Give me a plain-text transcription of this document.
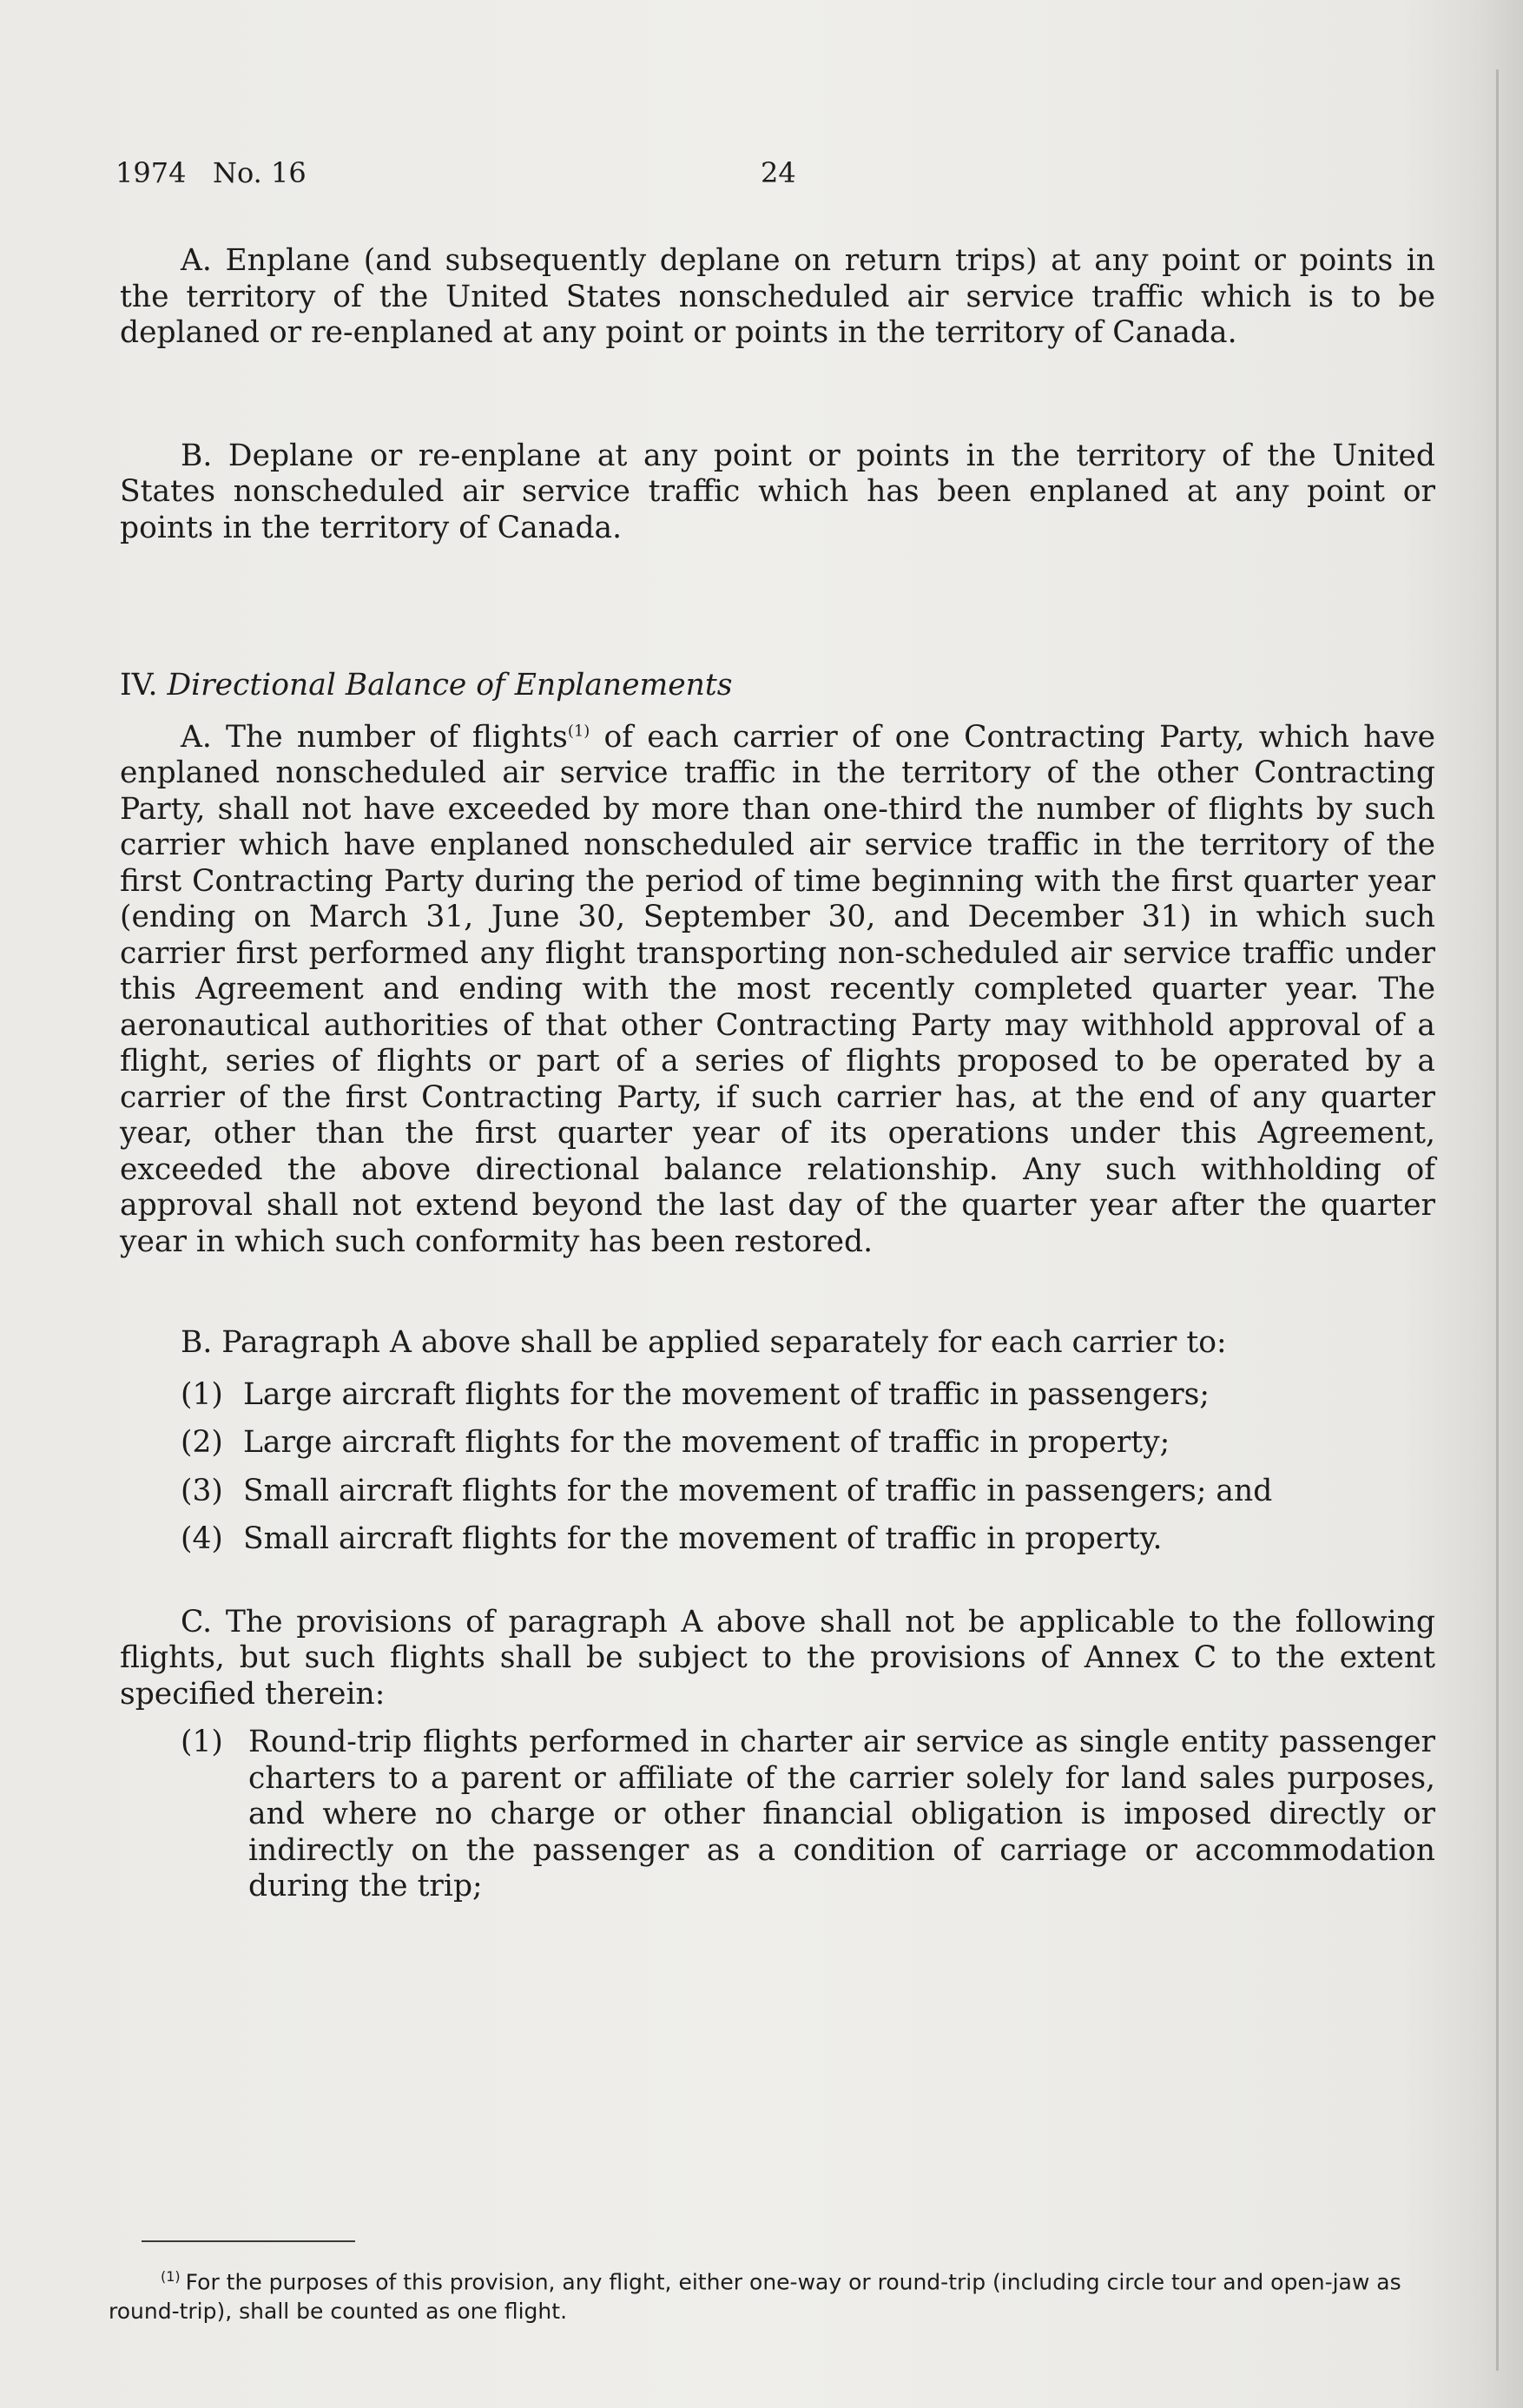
1974   No. 16	24

A. Enplane (and subsequently deplane on return trips) at any point or points in the territory of the United States nonscheduled air service traffic which is to be deplaned or re-enplaned at any point or points in the territory of Canada.

B. Deplane or re-enplane at any point or points in the territory of the United States nonscheduled air service traffic which has been enplaned at any point or points in the territory of Canada.

IV. Directional Balance of Enplanements

A. The number of flights$^{(1)}$ of each carrier of one Contracting Party, which have enplaned nonscheduled air service traffic in the territory of the other Contracting Party, shall not have exceeded by more than one-third the number of flights by such carrier which have enplaned nonscheduled air service traffic in the territory of the first Contracting Party during the period of time beginning with the first quarter year (ending on March 31, June 30, September 30, and December 31) in which such carrier first performed any flight transporting non-scheduled air service traffic under this Agreement and ending with the most recently completed quarter year. The aeronautical authorities of that other Contracting Party may withhold approval of a flight, series of flights or part of a series of flights proposed to be operated by a carrier of the first Contracting Party, if such carrier has, at the end of any quarter year, other than the first quarter year of its operations under this Agreement, exceeded the above directional balance relationship. Any such withholding of approval shall not extend beyond the last day of the quarter year after the quarter year in which such conformity has been restored.

B. Paragraph A above shall be applied separately for each carrier to:

(1) Large aircraft flights for the movement of traffic in passengers;
(2) Large aircraft flights for the movement of traffic in property;
(3) Small aircraft flights for the movement of traffic in passengers; and
(4) Small aircraft flights for the movement of traffic in property.

C. The provisions of paragraph A above shall not be applicable to the following flights, but such flights shall be subject to the provisions of Annex C to the extent specified therein:

(1) Round-trip flights performed in charter air service as single entity passenger charters to a parent or affiliate of the carrier solely for land sales purposes, and where no charge or other financial obligation is imposed directly or indirectly on the passenger as a condition of carriage or accommodation during the trip;
$^{(1)}$ For the purposes of this provision, any flight, either one-way or round-trip (including circle tour and open-jaw as round-trip), shall be counted as one flight.
